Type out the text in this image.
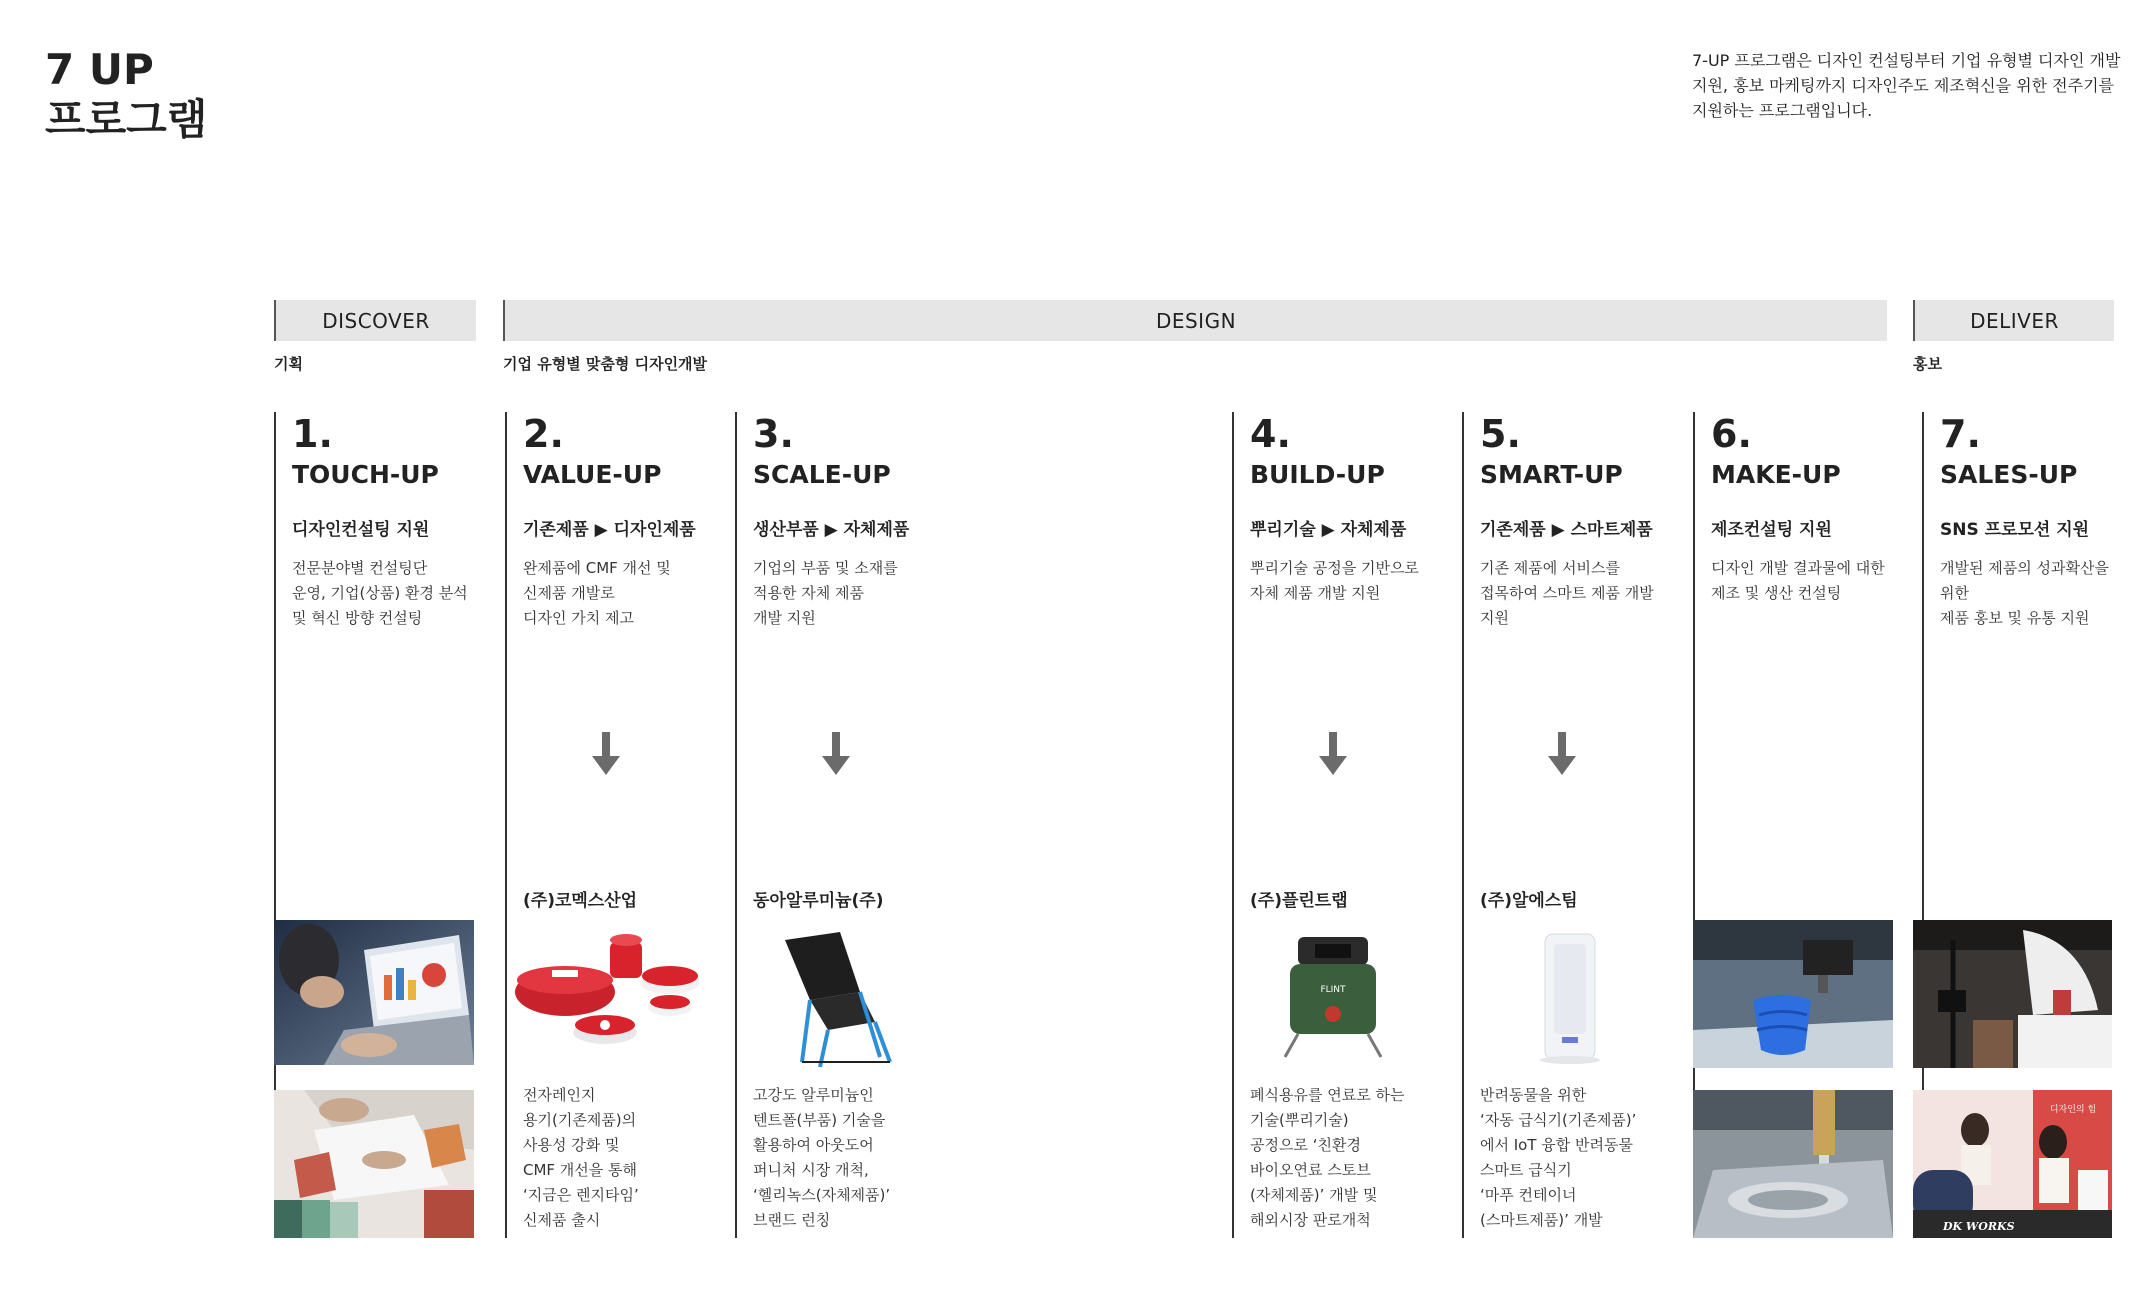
7 UP
프로그램
7-UP 프로그램은 디자인 컨설팅부터 기업 유형별 디자인 개발 지원, 홍보 마케팅까지 디자인주도 제조혁신을 위한 전주기를 지원하는 프로그램입니다.
DISCOVER	DESIGN	DELIVER
기획	기업 유형별 맞춤형 디자인개발	홍보
1.
TOUCH-UP
디자인컨설팅 지원
전문분야별 컨설팅단
운영, 기업(상품) 환경 분석
및 혁신 방향 컨설팅
2.
VALUE-UP
기존제품 ▶ 디자인제품
완제품에 CMF 개선 및
신제품 개발로
디자인 가치 제고
(주)코멕스산업
전자레인지
용기(기존제품)의
사용성 강화 및
CMF 개선을 통해
‘지금은 렌지타임’
신제품 출시
3.
SCALE-UP
생산부품 ▶ 자체제품
기업의 부품 및 소재를
적용한 자체 제품
개발 지원
동아알루미늄(주)
고강도 알루미늄인
텐트폴(부품) 기술을
활용하여 아웃도어
퍼니처 시장 개척,
‘헬리녹스(자체제품)’
브랜드 런칭
4.
BUILD-UP
뿌리기술 ▶ 자체제품
뿌리기술 공정을 기반으로
자체 제품 개발 지원
(주)플린트랩
폐식용유를 연료로 하는
기술(뿌리기술)
공정으로 ‘친환경
바이오연료 스토브
(자체제품)’ 개발 및
해외시장 판로개척
5.
SMART-UP
기존제품 ▶ 스마트제품
기존 제품에 서비스를
접목하여 스마트 제품 개발
지원
(주)알에스팀
반려동물을 위한
‘자동 급식기(기존제품)’
에서 IoT 융합 반려동물
스마트 급식기
‘마푸 컨테이너
(스마트제품)’ 개발
6.
MAKE-UP
제조컨설팅 지원
디자인 개발 결과물에 대한
제조 및 생산 컨설팅
7.
SALES-UP
SNS 프로모션 지원
개발된 제품의 성과확산을
위한
제품 홍보 및 유통 지원
FLINT
디자인의 힘
DK WORKS
